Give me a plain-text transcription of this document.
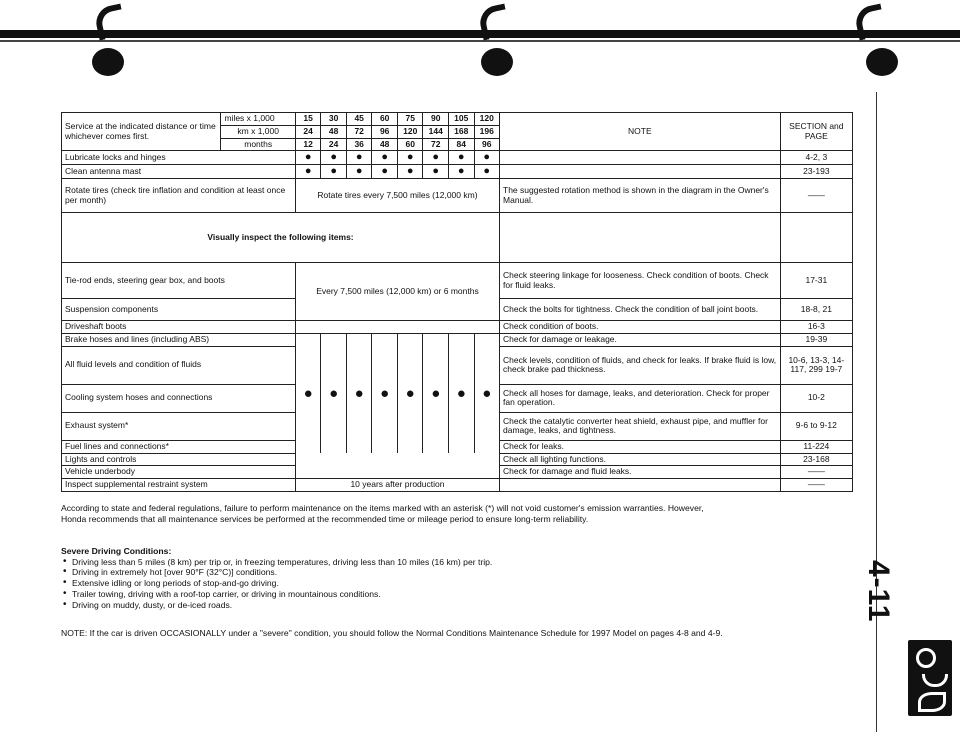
Service at the indicated distance or time whichever comes first.	miles x 1,000	15	30	45	60	75	90	105	120	NOTE	SECTION and PAGE
	km x 1,000	24	48	72	96	120	144	168	196		
	months	12	24	36	48	60	72	84	96		
Lubricate locks and hinges		●	●	●	●	●	●	●	●		4-2, 3
Clean antenna mast		●	●	●	●	●	●	●	●		23-193
Rotate tires (check tire inflation and condition at least once per month)		Rotate tires every 7,500 miles (12,000 km)								The suggested rotation method is shown in the diagram in the Owner's Manual.	——
Visually inspect the following items:											
Tie-rod ends, steering gear box, and boots		Every 7,500 miles (12,000 km) or 6 months								Check steering linkage for looseness. Check condition of boots. Check for fluid leaks.	17-31
Suspension components										Check the bolts for tightness. Check the condition of ball joint boots.	18-8, 21
Driveshaft boots										Check condition of boots.	16-3
Brake hoses and lines (including ABS)		●	●	●	●	●	●	●	●	Check for damage or leakage.	19-39
All fluid levels and condition of fluids										Check levels, condition of fluids, and check for leaks. If brake fluid is low, check brake pad thickness.	10-6, 13-3, 14-117, 299 19-7
Cooling system hoses and connections										Check all hoses for damage, leaks, and deterioration. Check for proper fan operation.	10-2
Exhaust system*										Check the catalytic converter heat shield, exhaust pipe, and muffler for damage, leaks, and tightness.	9-6 to 9-12
Fuel lines and connections*										Check for leaks.	11-224
Lights and controls										Check all lighting functions.	23-168
Vehicle underbody										Check for damage and fluid leaks.	——
Inspect supplemental restraint system		10 years after production									——
According to state and federal regulations, failure to perform maintenance on the items marked with an asterisk (*) will not void customer's emission warranties. However,
Honda recommends that all maintenance services be performed at the recommended time or mileage period to ensure long-term reliability.
Severe Driving Conditions:
• Driving less than 5 miles (8 km) per trip or, in freezing temperatures, driving less than 10 miles (16 km) per trip.
• Driving in extremely hot [over 90°F (32°C)] conditions.
• Extensive idling or long periods of stop-and-go driving.
• Trailer towing, driving with a roof-top carrier, or driving in mountainous conditions.
• Driving on muddy, dusty, or de-iced roads.
NOTE: If the car is driven OCCASIONALLY under a "severe" condition, you should follow the Normal Conditions Maintenance Schedule for 1997 Model on pages 4-8 and 4-9.
4-11
